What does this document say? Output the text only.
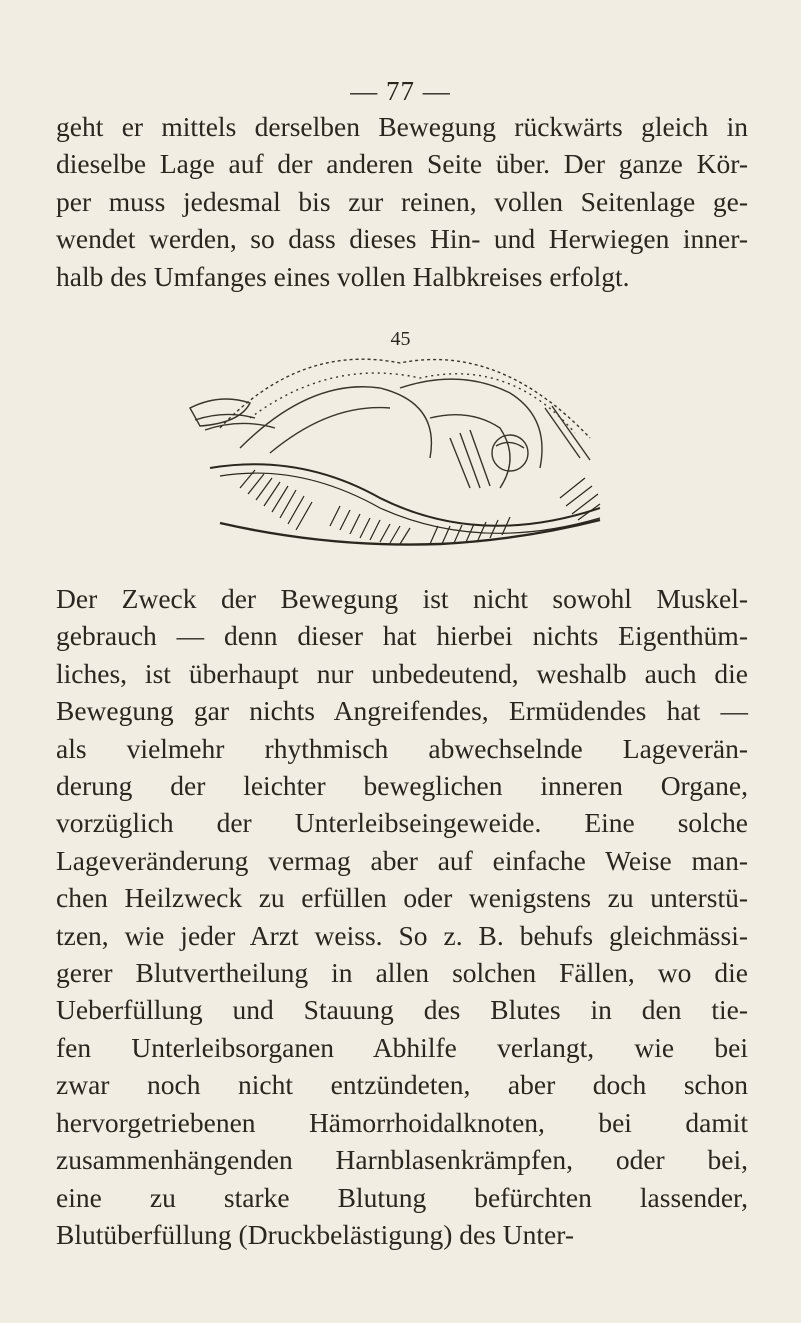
— 77 —
geht er mittels derselben Bewegung rückwärts gleich in
dieselbe Lage auf der anderen Seite über. Der ganze Kör-
per muss jedesmal bis zur reinen, vollen Seitenlage ge-
wendet werden, so dass dieses Hin- und Herwiegen inner-
halb des Umfanges eines vollen Halbkreises erfolgt.
45
Der Zweck der Bewegung ist nicht sowohl Muskel-
gebrauch — denn dieser hat hierbei nichts Eigenthüm-
liches, ist überhaupt nur unbedeutend, weshalb auch die
Bewegung gar nichts Angreifendes, Ermüdendes hat —
als vielmehr rhythmisch abwechselnde Lageverän-
derung der leichter beweglichen inneren Organe,
vorzüglich der Unterleibseingeweide. Eine solche
Lageveränderung vermag aber auf einfache Weise man-
chen Heilzweck zu erfüllen oder wenigstens zu unterstü-
tzen, wie jeder Arzt weiss. So z. B. behufs gleichmässi-
gerer Blutvertheilung in allen solchen Fällen, wo die
Ueberfüllung und Stauung des Blutes in den tie-
fen Unterleibsorganen Abhilfe verlangt, wie bei
zwar noch nicht entzündeten, aber doch schon
hervorgetriebenen Hämorrhoidalknoten, bei damit
zusammenhängenden Harnblasenkrämpfen, oder bei,
eine zu starke Blutung befürchten lassender,
Blutüberfüllung (Druckbelästigung) des Unter-
